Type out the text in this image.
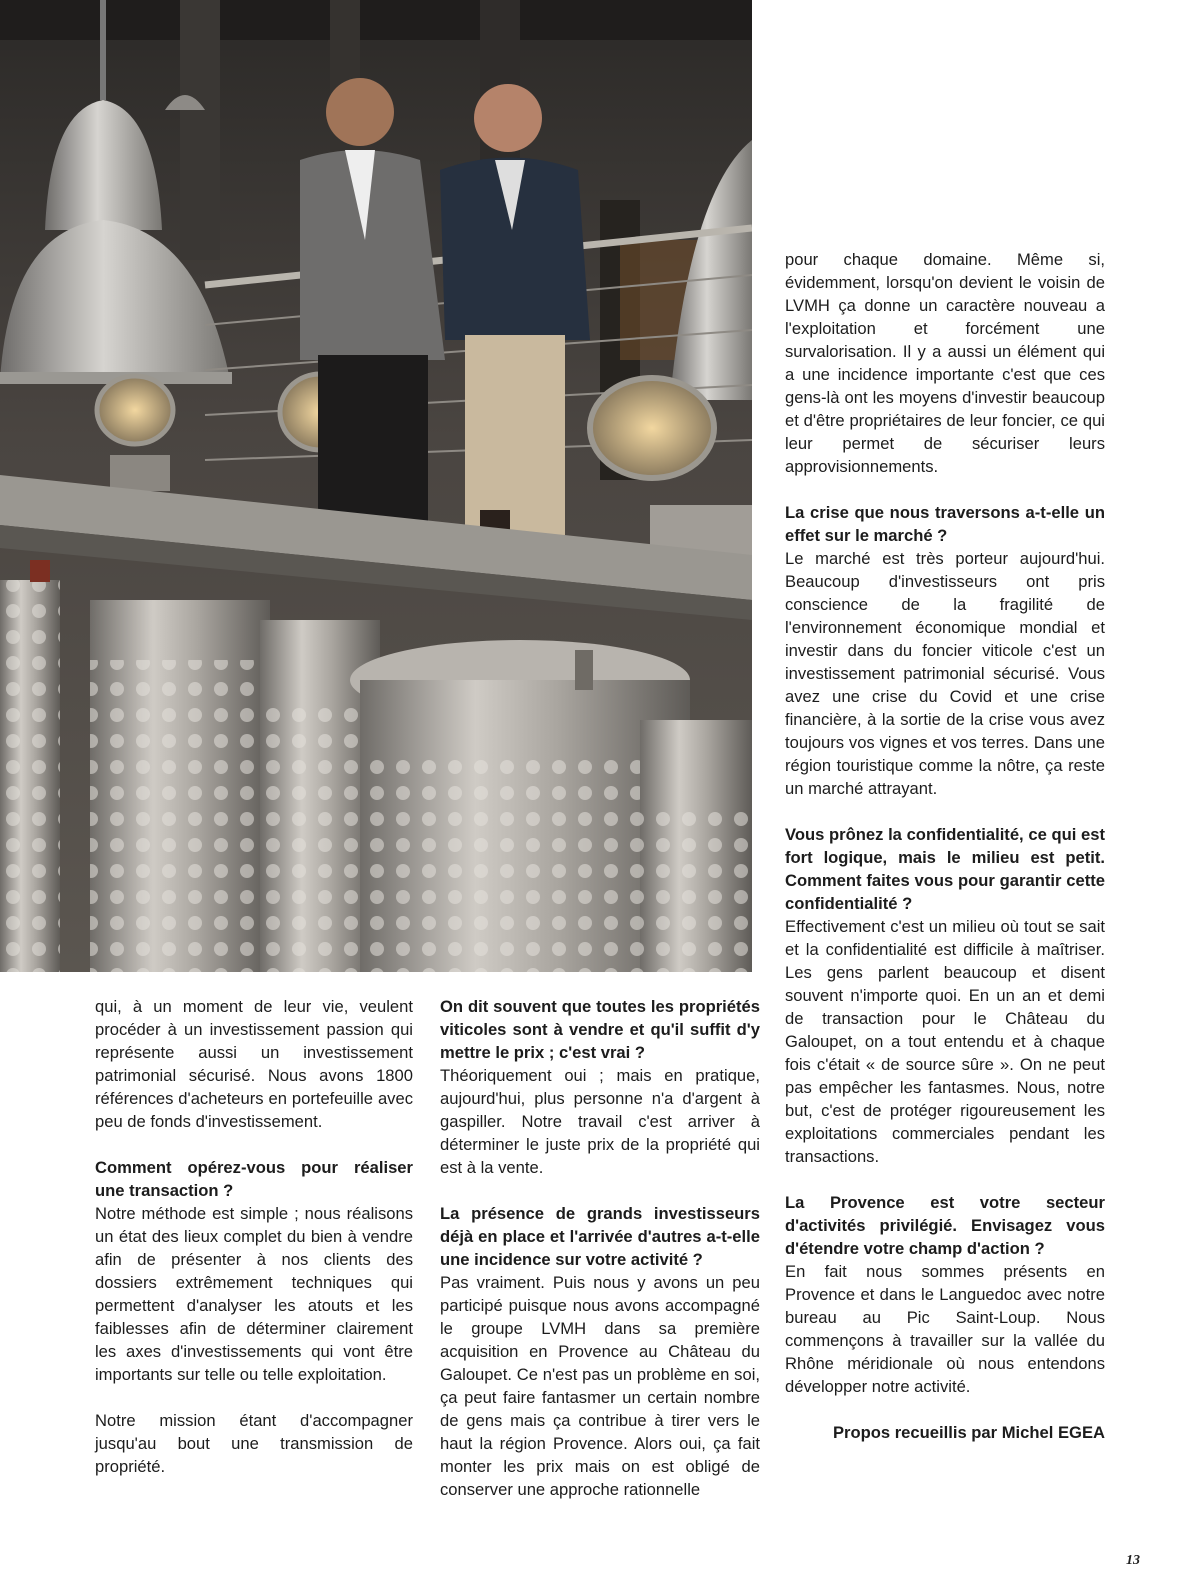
qui, à un moment de leur vie, veulent procéder à un investissement passion qui représente aussi un investissement patrimonial sécurisé. Nous avons 1800 références d'acheteurs en portefeuille avec peu de fonds d'investissement.

Comment opérez-vous pour réaliser une transaction ?
Notre méthode est simple ; nous réalisons un état des lieux complet du bien à vendre afin de présenter à nos clients des dossiers extrêmement techniques qui permettent d'analyser les atouts et les faiblesses afin de déterminer clairement les axes d'investissements qui vont être importants sur telle ou telle exploitation.

Notre mission étant d'accompagner jusqu'au bout une transmission de propriété.

On dit souvent que toutes les propriétés viticoles sont à vendre et qu'il suffit d'y mettre le prix ; c'est vrai ?
Théoriquement oui ; mais en pratique, aujourd'hui, plus personne n'a d'argent à gaspiller. Notre travail c'est arriver à déterminer le juste prix de la propriété qui est à la vente.

La présence de grands investisseurs déjà en place et l'arrivée d'autres a-t-elle une incidence sur votre activité ?
Pas vraiment. Puis nous y avons un peu participé puisque nous avons accompagné le groupe LVMH dans sa première acquisition en Provence au Château du Galoupet. Ce n'est pas un problème en soi, ça peut faire fantasmer un certain nombre de gens mais ça contribue à tirer vers le haut la région Provence. Alors oui, ça fait monter les prix mais on est obligé de conserver une approche rationnelle

pour chaque domaine. Même si, évidemment, lorsqu'on devient le voisin de LVMH ça donne un caractère nouveau a l'exploitation et forcément une survalorisation. Il y a aussi un élément qui a une incidence importante c'est que ces gens-là ont les moyens d'investir beaucoup et d'être propriétaires de leur foncier, ce qui leur permet de sécuriser leurs approvisionnements.

La crise que nous traversons a-t-elle un effet sur le marché ?
Le marché est très porteur aujourd'hui. Beaucoup d'investisseurs ont pris conscience de la fragilité de l'environnement économique mondial et investir dans du foncier viticole c'est un investissement patrimonial sécurisé. Vous avez une crise du Covid et une crise financière, à la sortie de la crise vous avez toujours vos vignes et vos terres. Dans une région touristique comme la nôtre, ça reste un marché attrayant.

Vous prônez la confidentialité, ce qui est fort logique, mais le milieu est petit. Comment faites vous pour garantir cette confidentialité ?
Effectivement c'est un milieu où tout se sait et la confidentialité est difficile à maîtriser. Les gens parlent beaucoup et disent souvent n'importe quoi. En un an et demi de transaction pour le Château du Galoupet, on a tout entendu et à chaque fois c'était « de source sûre ». On ne peut pas empêcher les fantasmes. Nous, notre but, c'est de protéger rigoureusement les exploitations commerciales pendant les transactions.

La Provence est votre secteur d'activités privilégié. Envisagez vous d'étendre votre champ d'action ?
En fait nous sommes présents en Provence et dans le Languedoc avec notre bureau au Pic Saint-Loup. Nous commençons à travailler sur la vallée du Rhône méridionale où nous entendons développer notre activité.

Propos recueillis par Michel EGEA

13
